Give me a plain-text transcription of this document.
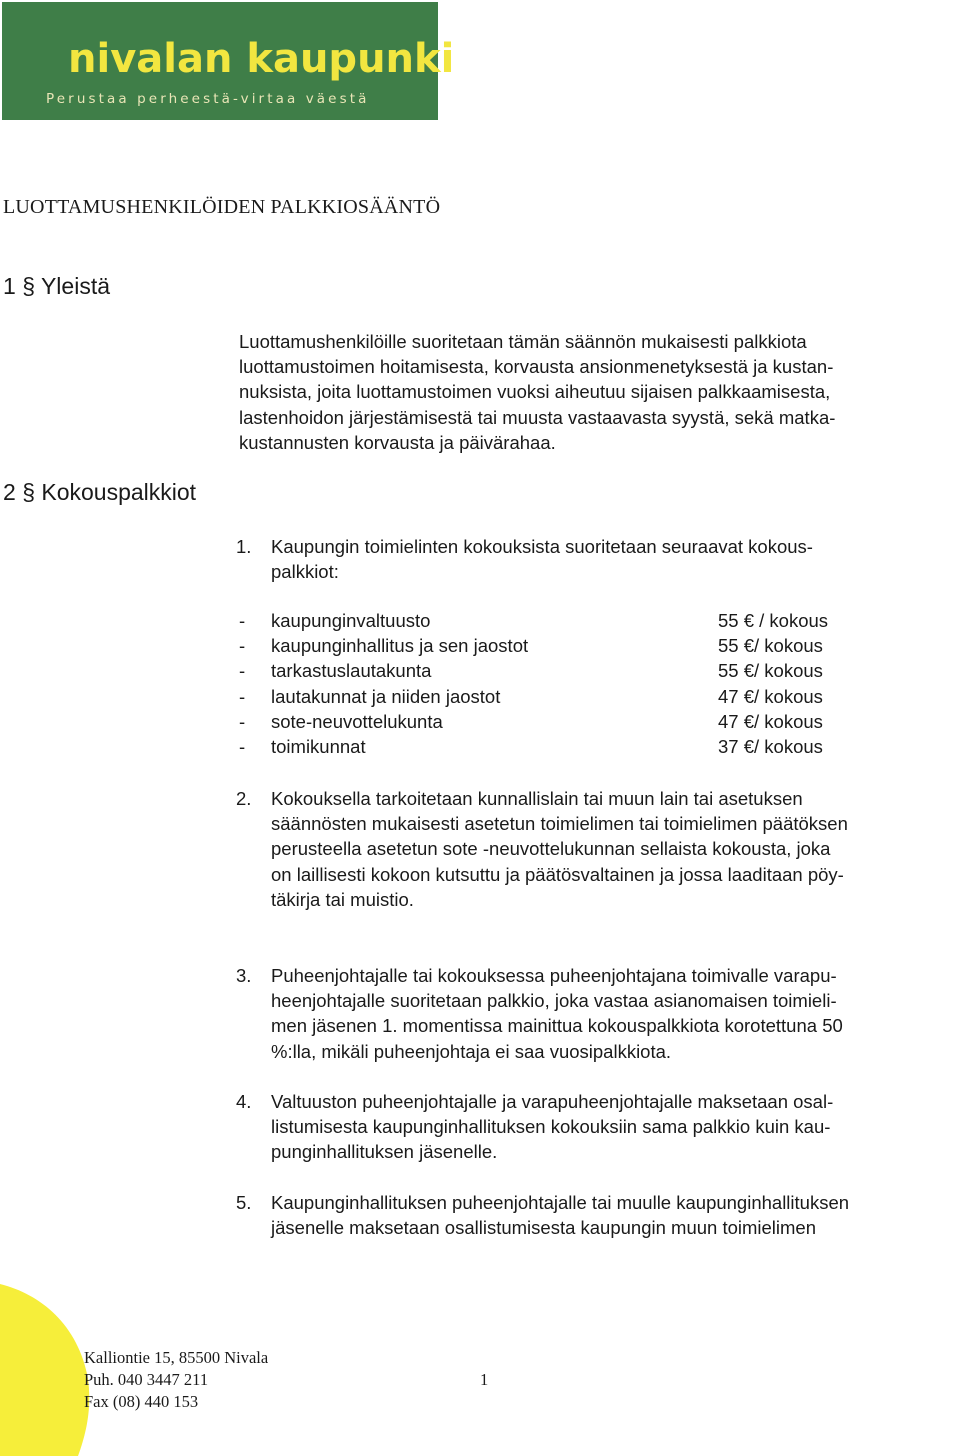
nivalan kaupunki

Perustaa perheestä-virtaa väestä

LUOTTAMUSHENKILÖIDEN PALKKIOSÄÄNTÖ
1 § Yleistä

Luottamushenkilöille suoritetaan tämän säännön mukaisesti palkkiota

luottamustoimen hoitamisesta, korvausta ansionmenetyksestä ja kustan-

nuksista, joita luottamustoimen vuoksi aiheutuu sijaisen palkkaamisesta,

lastenhoidon järjestämisestä tai muusta vastaavasta syystä, sekä matka-

kustannusten korvausta ja päivärahaa.

2 § Kokouspalkkiot
1.	Kaupungin toimielinten kokouksista suoritetaan seuraavat kokous-
palkkiot:
- kaupunginvaltuusto	55 € / kokous
- kaupunginhallitus ja sen jaostot	55 €/ kokous
- tarkastuslautakunta	55 €/ kokous
- lautakunnat ja niiden jaostot	47 €/ kokous
- sote-neuvottelukunta	47 €/ kokous
- toimikunnat	37 €/ kokous
2.	Kokouksella tarkoitetaan kunnallislain tai muun lain tai asetuksen
säännösten mukaisesti asetetun toimielimen tai toimielimen päätöksen
perusteella asetetun sote -neuvottelukunnan sellaista kokousta, joka
on laillisesti kokoon kutsuttu ja päätösvaltainen ja jossa laaditaan pöy-
täkirja tai muistio.
3.	Puheenjohtajalle tai kokouksessa puheenjohtajana toimivalle varapu-
heenjohtajalle suoritetaan palkkio, joka vastaa asianomaisen toimieli-
men jäsenen 1. momentissa mainittua kokouspalkkiota korotettuna 50
%:lla, mikäli puheenjohtaja ei saa vuosipalkkiota.
4.	Valtuuston puheenjohtajalle ja varapuheenjohtajalle maksetaan osal-
listumisesta kaupunginhallituksen kokouksiin sama palkkio kuin kau-
punginhallituksen jäsenelle.
5.	Kaupunginhallituksen puheenjohtajalle tai muulle kaupunginhallituksen
jäsenelle maksetaan osallistumisesta kaupungin muun toimielimen

Kalliontie 15, 85500 Nivala

Puh. 040 3447 211

Fax (08) 440 153

1
